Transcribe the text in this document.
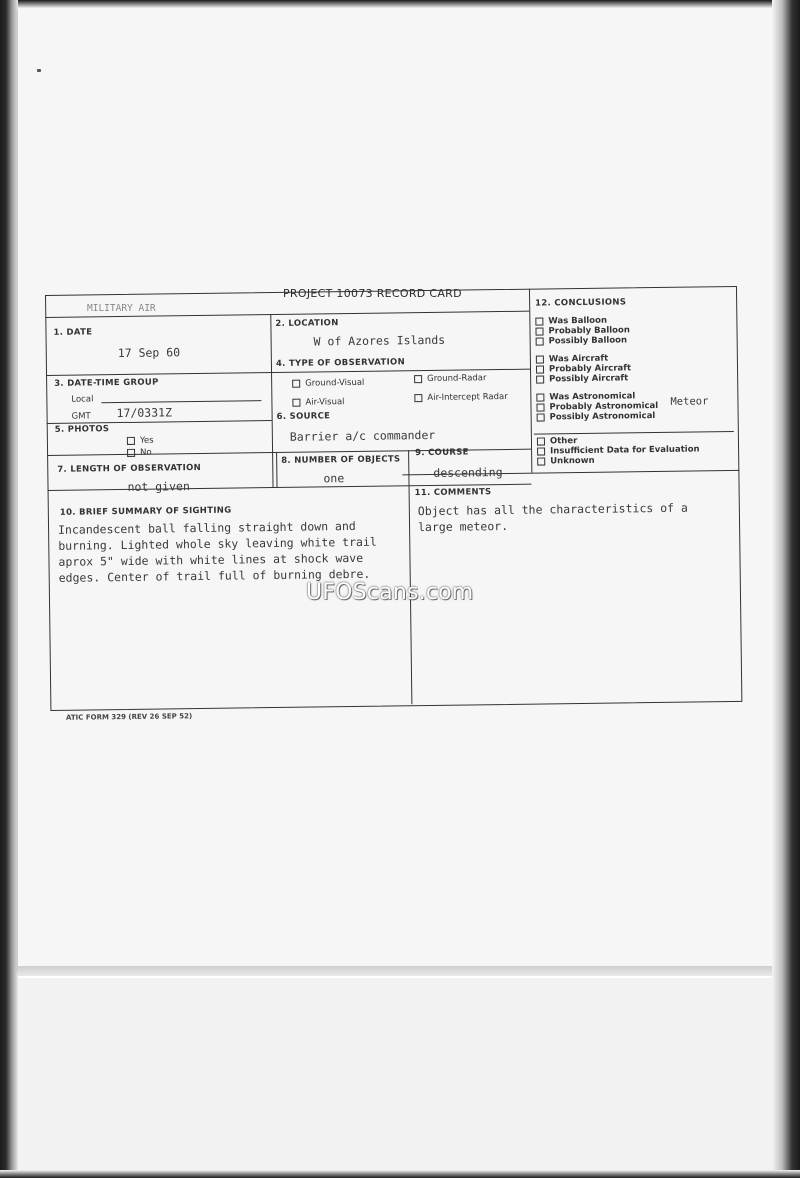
PROJECT 10073 RECORD CARD
MILITARY AIR
1. DATE
17 Sep 60
2. LOCATION
W of Azores Islands
3. DATE-TIME GROUP
Local
GMT 17/0331Z
4. TYPE OF OBSERVATION
Ground-Visual	Ground-Radar
Air-Visual	Air-Intercept Radar
5. PHOTOS
Yes
No
6. SOURCE
Barrier a/c commander
7. LENGTH OF OBSERVATION
not given
8. NUMBER OF OBJECTS
one
9. COURSE
descending
10. BRIEF SUMMARY OF SIGHTING
Incandescent ball falling straight down and
burning. Lighted whole sky leaving white trail
aprox 5" wide with white lines at shock wave
edges. Center of trail full of burning debre.
11. COMMENTS
Object has all the characteristics of a
large meteor.
12. CONCLUSIONS
Was Balloon
Probably Balloon
Possibly Balloon
Was Aircraft
Probably Aircraft
Possibly Aircraft
Was Astronomical
Probably Astronomical
Possibly Astronomical
Meteor
Other
Insufficient Data for Evaluation
Unknown
ATIC FORM 329 (REV 26 SEP 52)
UFOScans.com
